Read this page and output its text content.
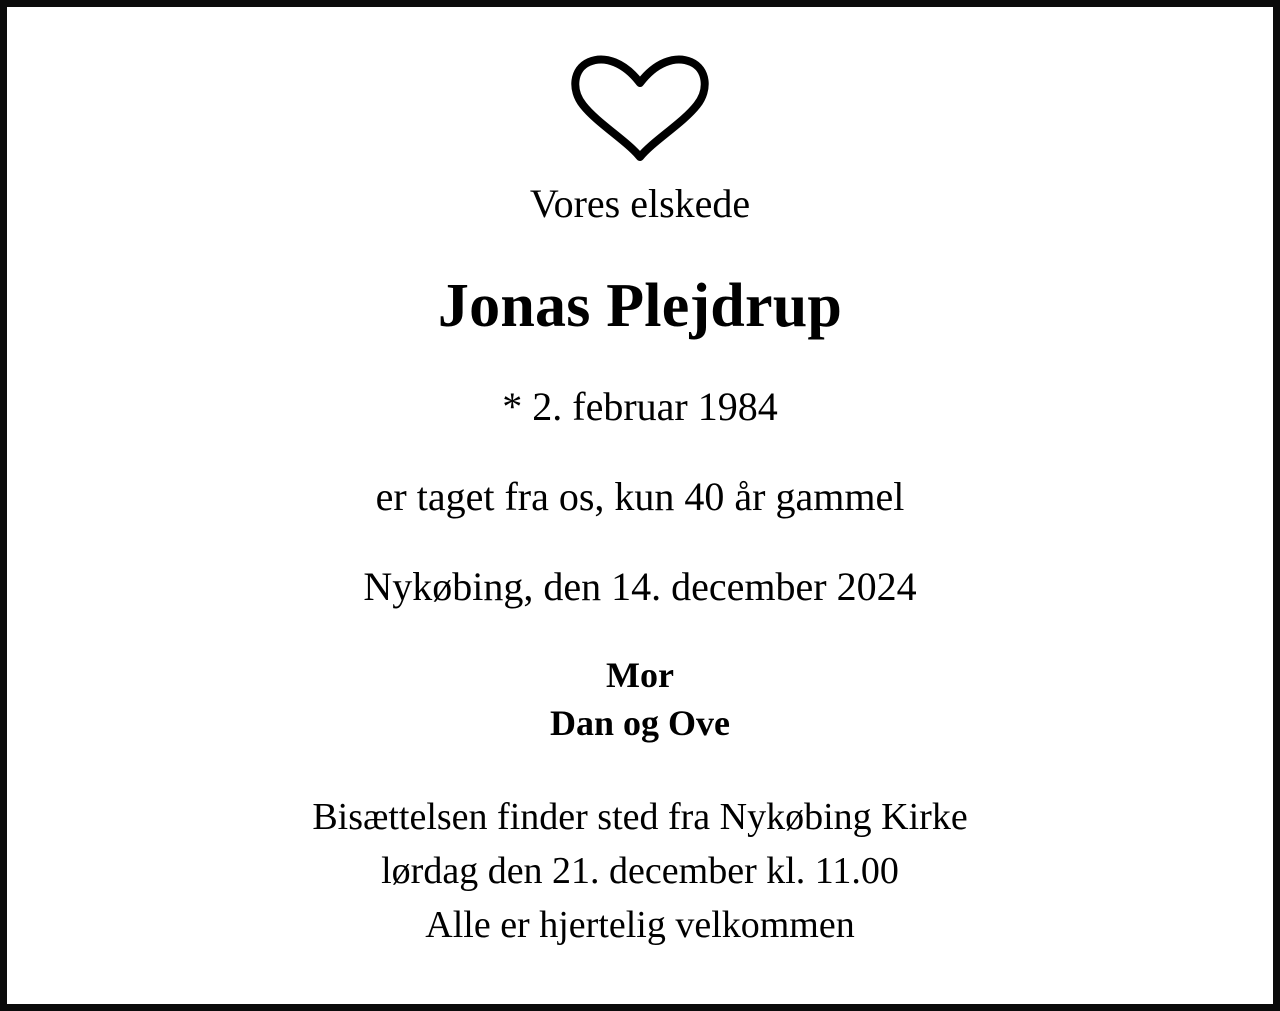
Vores elskede
Jonas Plejdrup
* 2. februar 1984
er taget fra os, kun 40 år gammel
Nykøbing, den 14. december 2024
Mor
Dan og Ove
Bisættelsen finder sted fra Nykøbing Kirke
lørdag den 21. december kl. 11.00
Alle er hjertelig velkommen
